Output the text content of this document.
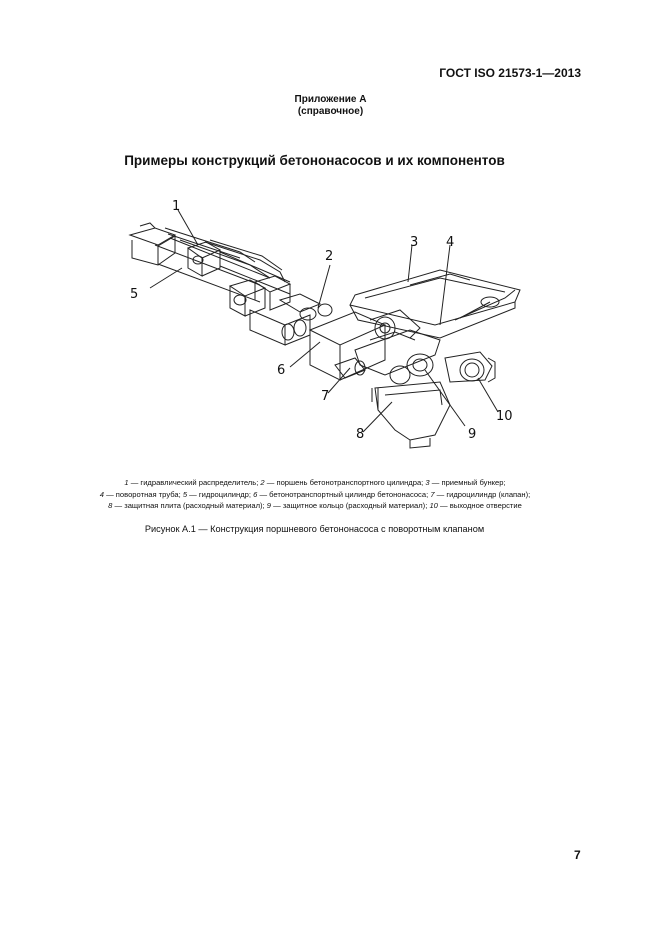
ГОСТ ISO 21573-1—2013
Приложение А
(справочное)
Примеры конструкций бетононасосов и их компонентов
1
2
3 4
5
6
7
8	9
10
1 — гидравлический распределитель; 2 — поршень бетонотранспортного цилиндра; 3 — приемный бункер;
4 — поворотная труба; 5 — гидроцилиндр; 6 — бетонотранспортный цилиндр бетононасоса; 7 — гидроцилиндр (клапан);
8 — защитная плита (расходный материал); 9 — защитное кольцо (расходный материал); 10 — выходное отверстие
Рисунок А.1 — Конструкция поршневого бетононасоса с поворотным клапаном
7
